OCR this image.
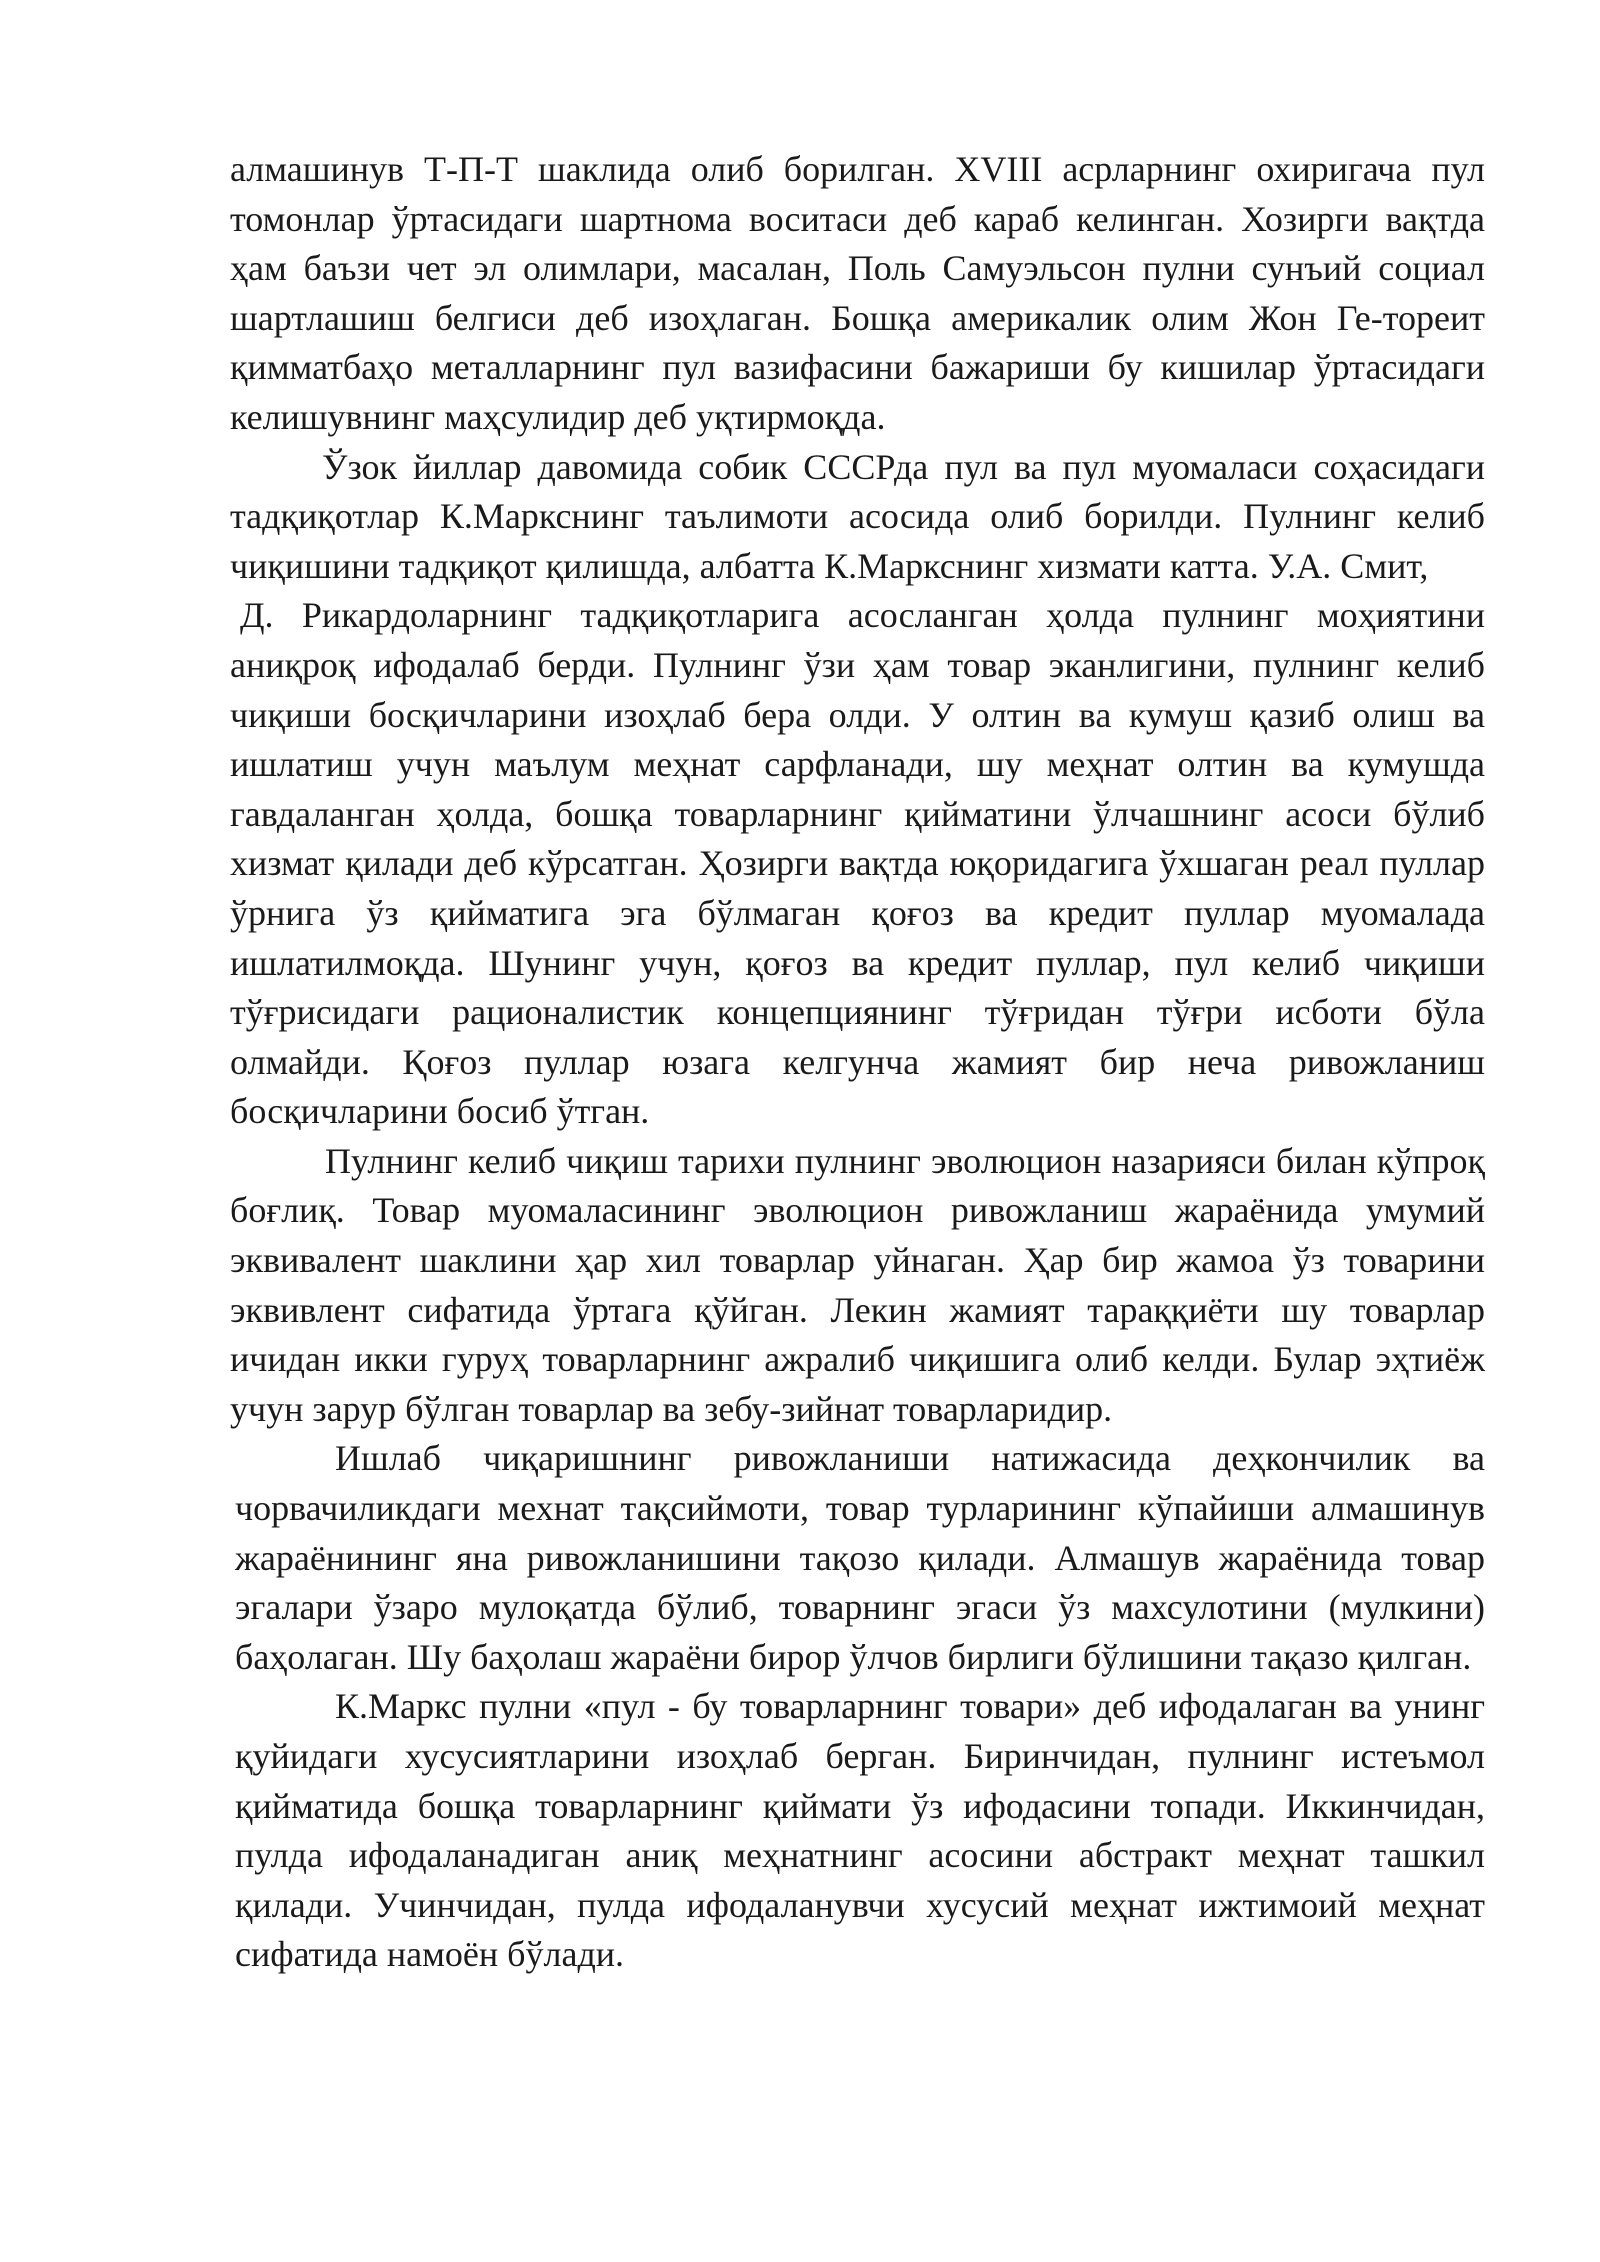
алмашинув Т-П-Т шаклида олиб борилган. XVIII асрларнинг охиригача пул томонлар ўртасидаги шартнома воситаси деб караб келинган. Хозирги вақтда ҳам баъзи чет эл олимлари, масалан, Поль Самуэльсон пулни сунъий социал шартлашиш белгиси деб изоҳлаган. Бошқа америкалик олим Жон Ге-тореит қимматбаҳо металларнинг пул вазифасини бажариши бу кишилар ўртасидаги келишувнинг маҳсулидир деб уқтирмоқда.

Ўзок йиллар давомида собик СССРда пул ва пул муомаласи соҳасидаги тадқиқотлар К.Маркснинг таълимоти асосида олиб борилди. Пулнинг келиб чиқишини тадқиқот қилишда, албатта К.Маркснинг хизмати катта. У.А. Смит,

Д. Рикардоларнинг тадқиқотларига асосланган ҳолда пулнинг моҳиятини аниқроқ ифодалаб берди. Пулнинг ўзи ҳам товар эканлигини, пулнинг келиб чиқиши босқичларини изоҳлаб бера олди. У олтин ва кумуш қазиб олиш ва ишлатиш учун маълум меҳнат сарфланади, шу меҳнат олтин ва кумушда гавдаланган ҳолда, бошқа товарларнинг қийматини ўлчашнинг асоси бўлиб хизмат қилади деб кўрсатган. Ҳозирги вақтда юқоридагига ўхшаган реал пуллар ўрнига ўз қийматига эга бўлмаган қоғоз ва кредит пуллар муомалада ишлатилмоқда. Шунинг учун, қоғоз ва кредит пуллар, пул келиб чиқиши тўғрисидаги рационалистик концепциянинг тўғридан тўғри исботи бўла олмайди. Қоғоз пуллар юзага келгунча жамият бир неча ривожланиш босқичларини босиб ўтган.

Пулнинг келиб чиқиш тарихи пулнинг эволюцион назарияси билан кўпроқ боғлиқ. Товар муомаласининг эволюцион ривожланиш жараёнида умумий эквивалент шаклини ҳар хил товарлар уйнаган. Ҳар бир жамоа ўз товарини эквивлент сифатида ўртага қўйган. Лекин жамият тараққиёти шу товарлар ичидан икки гуруҳ товарларнинг ажралиб чиқишига олиб келди. Булар эҳтиёж учун зарур бўлган товарлар ва зебу-зийнат товарларидир.

Ишлаб чиқаришнинг ривожланиши натижасида деҳкончилик ва чорвачиликдаги мехнат тақсиймоти, товар турларининг кўпайиши алмашинув жараёнининг яна ривожланишини тақозо қилади. Алмашув жараёнида товар эгалари ўзаро мулоқатда бўлиб, товарнинг эгаси ўз махсулотини (мулкини) баҳолаган. Шу баҳолаш жараёни бирор ўлчов бирлиги бўлишини тақазо қилган.

К.Маркс пулни «пул - бу товарларнинг товари» деб ифодалаган ва унинг қуйидаги хусусиятларини изоҳлаб берган. Биринчидан, пулнинг истеъмол қийматида бошқа товарларнинг қиймати ўз ифодасини топади. Иккинчидан, пулда ифодаланадиган аниқ меҳнатнинг асосини абстракт меҳнат ташкил қилади. Учинчидан, пулда ифодаланувчи хусусий меҳнат ижтимоий меҳнат сифатида намоён бўлади.
